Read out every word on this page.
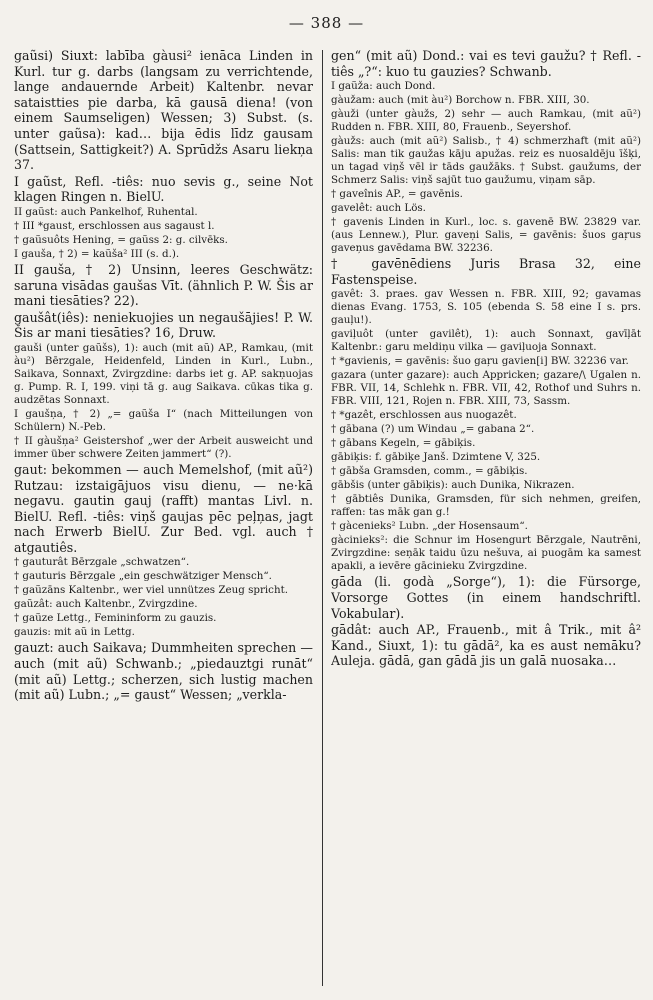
— 388 —

gaũsi) Siuxt: labība gàusi² ienāca Linden in Kurl. tur g. darbs (langsam zu verrichtende, lange andauernde Arbeit) Kaltenbr. nevar sataistties pie darba, kā gausā diena! (von einem Saumseligen) Wessen; 3) Subst. (s. unter gaũsa): kad… bija ēdis līdz gausam (Sattsein, Sattigkeit?) A. Sprūdžs Asaru liekņa 37.

I gaũst, Refl. -tiês: nuo sevis g., seine Not klagen Ringen n. BielU.

II gaũst: auch Pankelhof, Ruhental.

† III *gaust, erschlossen aus sagaust l.

† gaũsuôts Hening, = gaũss 2: g. cilvēks.

I gauša, † 2) = kaũša² III (s. d.).

II gauša, † 2) Unsinn, leeres Geschwätz: saruna visādas gaušas Vīt. (ähnlich P. W. Šis ar mani tiesāties? 22).

gaušât(iês): neniekuojies un negaušājies! P. W. Šis ar mani tiesāties? 16, Druw.

gauši (unter gaũšs), 1): auch (mit aũ) AP., Ramkau, (mit àu²) Bērzgale, Heidenfeld, Linden in Kurl., Lubn., Saikava, Sonnaxt, Zvirgzdine: darbs iet g. AP. sakņuojas g. Pump. R. I, 199. viņi tā g. aug Saikava. cūkas tika g. audzētas Sonnaxt.

I gaušņa, † 2) „= gaũša I“ (nach Mitteilungen von Schülern) N.-Peb.

† II gàušņa² Geistershof „wer der Arbeit ausweicht und immer über schwere Zeiten jammert“ (?).

gaut: bekommen — auch Memelshof, (mit aũ²) Rutzau: izstaigājuos visu dienu, — ne·kā negavu. gautin gauj (rafft) mantas Livl. n. BielU. Refl. -tiês: viņš gaujas pēc peļņas, jagt nach Erwerb BielU. Zur Bed. vgl. auch † atgautiês.

† gauturât Bērzgale „schwatzen“.

† gauturis Bērzgale „ein geschwätziger Mensch“.

† gaũzāns Kaltenbr., wer viel unnützes Zeug spricht.

gaũzât: auch Kaltenbr., Zvirgzdine.

† gaũze Lettg., Femininform zu gauzis.

gauzis: mit aũ in Lettg.

gauzt: auch Saikava; Dummheiten sprechen — auch (mit aũ) Schwanb.; „piedauztgi runāt“ (mit aũ) Lettg.; scherzen, sich lustig machen (mit aũ) Lubn.; „= gaust“ Wessen; „verkla-

gen“ (mit aũ) Dond.: vai es tevi gaužu? † Refl. -tiês „?“: kuo tu gauzies? Schwanb.

I gaũža: auch Dond.

gàužam: auch (mit àu²) Borchow n. FBR. XIII, 30.

gàuži (unter gàužs, 2) sehr — auch Ramkau, (mit aũ²) Rudden n. FBR. XIII, 80, Frauenb., Seyershof.

gàužs: auch (mit aũ²) Salisb., † 4) schmerzhaft (mit aũ²) Salis: man tik gaužas kāju apužas. reiz es nuosaldēju īšķi, un tagad viņš vēl ir tāds gaužāks. † Subst. gaužums, der Schmerz Salis: viņš sajūt tuo gaužumu, viņam sāp.

† gaveînis AP., = gavēnis.

gavelêt: auch Lös.

† gavenis Linden in Kurl., loc. s. gavenē BW. 23829 var. (aus Lennew.), Plur. gaveņi Salis, = gavēnis: šuos gaŗus gaveņus gavēdama BW. 32236.

† gavēnēdiens Juris Brasa 32, eine Fastenspeise.

gavêt: 3. praes. gav Wessen n. FBR. XIII, 92; gavamas dienas Evang. 1753, S. 105 (ebenda S. 58 eine I s. prs. gauļu!).

gaviļuôt (unter gavilêt), 1): auch Sonnaxt, gavīļāt Kaltenbr.: garu meldiņu vilka — gaviļuoja Sonnaxt.

† *gavienis, = gavēnis: šuo gaŗu gavien[i] BW. 32236 var.

gazara (unter gazare): auch Appricken; gazare/\ Ugalen n. FBR. VII, 14, Schlehk n. FBR. VII, 42, Rothof und Suhrs n. FBR. VIII, 121, Rojen n. FBR. XIII, 73, Sassm.

† *gazêt, erschlossen aus nuogazêt.

† gābana (?) um Windau „= gabana 2“.

† gābans Kegeln, = gābiķis.

gābiķis: f. gābiķe Janš. Dzimtene V, 325.

† gābša Gramsden, comm., = gābiķis.

gābšis (unter gābiķis): auch Dunika, Nikrazen.

† gābtiês Dunika, Gramsden, für sich nehmen, greifen, raffen: tas māk gan g.!

† gàcenieks² Lubn. „der Hosensaum“.

gàcinieks²: die Schnur im Hosengurt Bērzgale, Nautrēni, Zvirgzdine: seņāk taidu ūzu nešuva, ai puogām ka samest apakli, a ievēre gācinieku Zvirgzdine.

gāda (li. godà „Sorge“), 1): die Fürsorge, Vorsorge Gottes (in einem handschriftl. Vokabular).

gādât: auch AP., Frauenb., mit â Trik., mit â² Kand., Siuxt, 1): tu gādā², ka es aust nemāku? Auleja. gādā, gan gādā jis un galā nuosaka…
